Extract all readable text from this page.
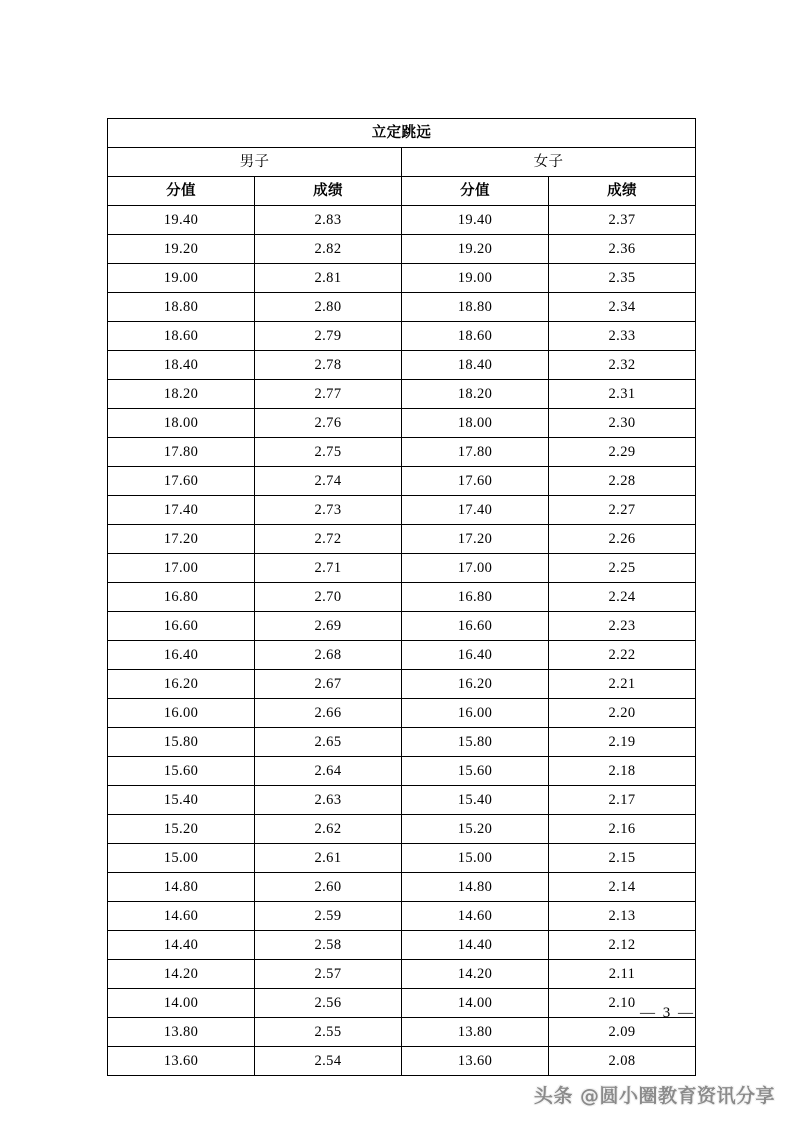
立定跳远			
男子		女子	
分值	成绩	分值	成绩
19.40	2.83	19.40	2.37
19.20	2.82	19.20	2.36
19.00	2.81	19.00	2.35
18.80	2.80	18.80	2.34
18.60	2.79	18.60	2.33
18.40	2.78	18.40	2.32
18.20	2.77	18.20	2.31
18.00	2.76	18.00	2.30
17.80	2.75	17.80	2.29
17.60	2.74	17.60	2.28
17.40	2.73	17.40	2.27
17.20	2.72	17.20	2.26
17.00	2.71	17.00	2.25
16.80	2.70	16.80	2.24
16.60	2.69	16.60	2.23
16.40	2.68	16.40	2.22
16.20	2.67	16.20	2.21
16.00	2.66	16.00	2.20
15.80	2.65	15.80	2.19
15.60	2.64	15.60	2.18
15.40	2.63	15.40	2.17
15.20	2.62	15.20	2.16
15.00	2.61	15.00	2.15
14.80	2.60	14.80	2.14
14.60	2.59	14.60	2.13
14.40	2.58	14.40	2.12
14.20	2.57	14.20	2.11
14.00	2.56	14.00	2.10
13.80	2.55	13.80	2.09
13.60	2.54	13.60	2.08
— 3 —
头条 @圆小圈教育资讯分享
